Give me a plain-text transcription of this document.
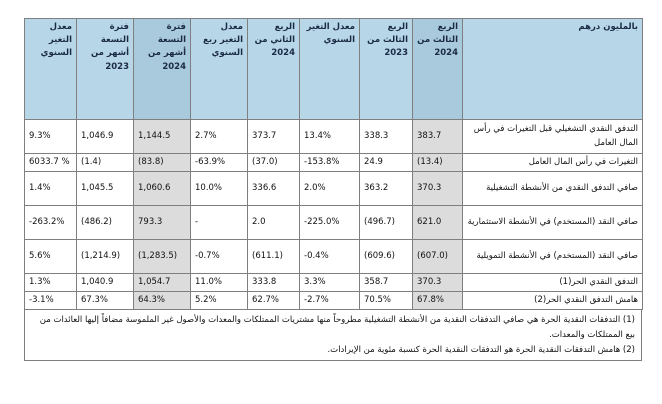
بالمليون درهم	الربع الثالث من 2024	الربع الثالث من 2023	معدل التغير السنوي	الربع الثاني من 2024	معدل التغير ربع السنوي	فترة التسعة أشهر من 2024	فترة التسعة أشهر من 2023	معدل التغير السنوي
التدفق النقدي التشغيلي قبل التغيرات في رأس المال العامل	383.7	338.3	13.4%	373.7	2.7%	1,144.5	1,046.9	9.3%
التغيرات في رأس المال العامل	(13.4)	24.9	-153.8%	(37.0)	-63.9%	(83.8)	(1.4)	6033.7 %
صافي التدفق النقدي من الأنشطة التشغيلية	370.3	363.2	2.0%	336.6	10.0%	1,060.6	1,045.5	1.4%
صافي النقد (المستخدم) في الأنشطة الاستثمارية	621.0	(496.7)	-225.0%	2.0	-	793.3	(486.2)	-263.2%
صافي النقد (المستخدم) في الأنشطة التمويلية	(607.0)	(609.6)	-0.4%	(611.1)	-0.7%	(1,283.5)	(1,214.9)	5.6%
التدفق النقدي الحر(1)	370.3	358.7	3.3%	333.8	11.0%	1,054.7	1,040.9	1.3%
هامش التدفق النقدي الحر(2)	67.8%	70.5%	-2.7%	62.7%	5.2%	64.3%	67.3%	-3.1%

(1) التدفقات النقدية الحرة هي صافي التدفقات النقدية من الأنشطة التشغيلية مطروحاً منها مشتريات الممتلكات والمعدات والأصول غير الملموسة مضافاً إليها العائدات من بيع الممتلكات والمعدات.

(2) هامش التدفقات النقدية الحرة هو التدفقات النقدية الحرة كنسبة مئوية من الإيرادات.
